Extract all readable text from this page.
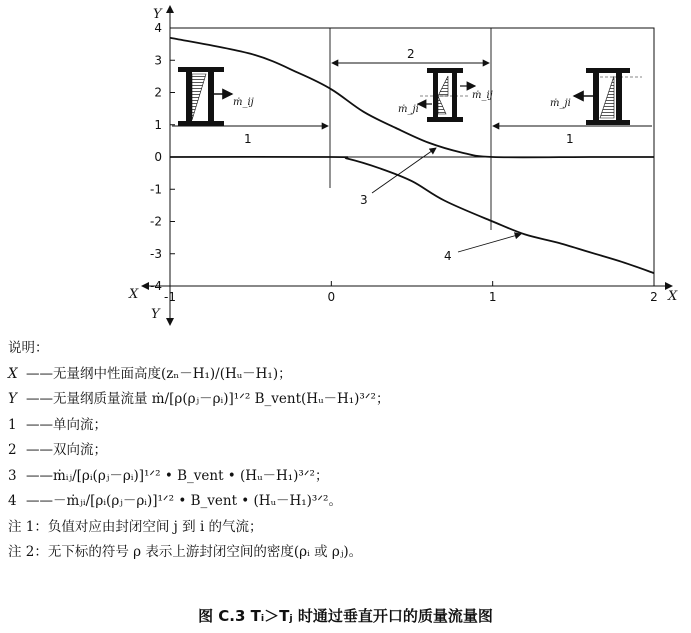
1
2
1
ṁ_ij
ṁ_ij
ṁ_ji
ṁ_ji
3
4
Y
Y
X	X
4
3
2
1
0
-1
-2
-3
-4
-1	0	1	2
说明：
X ——无量纲中性面高度(zₙ－H₁)/(Hᵤ－H₁)；
Y ——无量纲质量流量 ṁ/[ρ(ρⱼ－ρᵢ)]¹ᐟ² B_vent(Hᵤ－H₁)³ᐟ²；
1 ——单向流；
2 ——双向流；
3 ——ṁᵢⱼ/[ρᵢ(ρⱼ－ρᵢ)]¹ᐟ² • B_vent • (Hᵤ－H₁)³ᐟ²；
4 ——－ṁⱼᵢ/[ρᵢ(ρⱼ－ρᵢ)]¹ᐟ² • B_vent • (Hᵤ－H₁)³ᐟ²。
注 1：负值对应由封闭空间 j 到 i 的气流；
注 2：无下标的符号 ρ 表示上游封闭空间的密度(ρᵢ 或 ρⱼ)。
图 C.3 Tᵢ＞Tⱼ 时通过垂直开口的质量流量图
